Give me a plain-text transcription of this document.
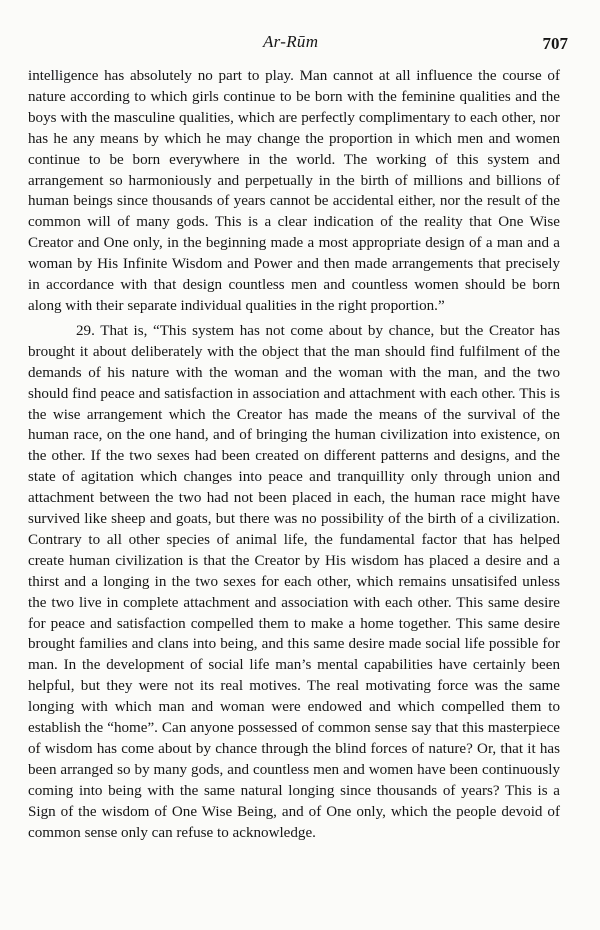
Ar-Rūm	707

intelligence has absolutely no part to play. Man cannot at all influence the course of nature according to which girls continue to be born with the feminine qualities and the boys with the masculine qualities, which are perfectly complimentary to each other, nor has he any means by which he may change the proportion in which men and women continue to be born everywhere in the world. The working of this system and arrangement so harmoniously and perpetually in the birth of millions and billions of human beings since thousands of years cannot be accidental either, nor the result of the common will of many gods. This is a clear indication of the reality that One Wise Creator and One only, in the beginning made a most appropriate design of a man and a woman by His Infinite Wisdom and Power and then made arrangements that precisely in accordance with that design countless men and countless women should be born along with their separate individual qualities in the right proportion.”

29. That is, “This system has not come about by chance, but the Creator has brought it about deliberately with the object that the man should find fulfilment of the demands of his nature with the woman and the woman with the man, and the two should find peace and satisfaction in association and attachment with each other. This is the wise arrangement which the Creator has made the means of the survival of the human race, on the one hand, and of bringing the human civilization into existence, on the other. If the two sexes had been created on different patterns and designs, and the state of agitation which changes into peace and tranquillity only through union and attachment between the two had not been placed in each, the human race might have survived like sheep and goats, but there was no possibility of the birth of a civilization. Contrary to all other species of animal life, the fundamental factor that has helped create human civilization is that the Creator by His wisdom has placed a desire and a thirst and a longing in the two sexes for each other, which remains unsatisifed unless the two live in complete attachment and association with each other. This same desire for peace and satisfaction compelled them to make a home together. This same desire brought families and clans into being, and this same desire made social life possible for man. In the development of social life man’s mental capabilities have certainly been helpful, but they were not its real motives. The real motivating force was the same longing with which man and woman were endowed and which compelled them to establish the “home”. Can anyone possessed of common sense say that this masterpiece of wisdom has come about by chance through the blind forces of nature? Or, that it has been arranged so by many gods, and countless men and women have been continuously coming into being with the same natural longing since thousands of years? This is a Sign of the wisdom of One Wise Being, and of One only, which the people devoid of common sense only can refuse to acknowledge.
